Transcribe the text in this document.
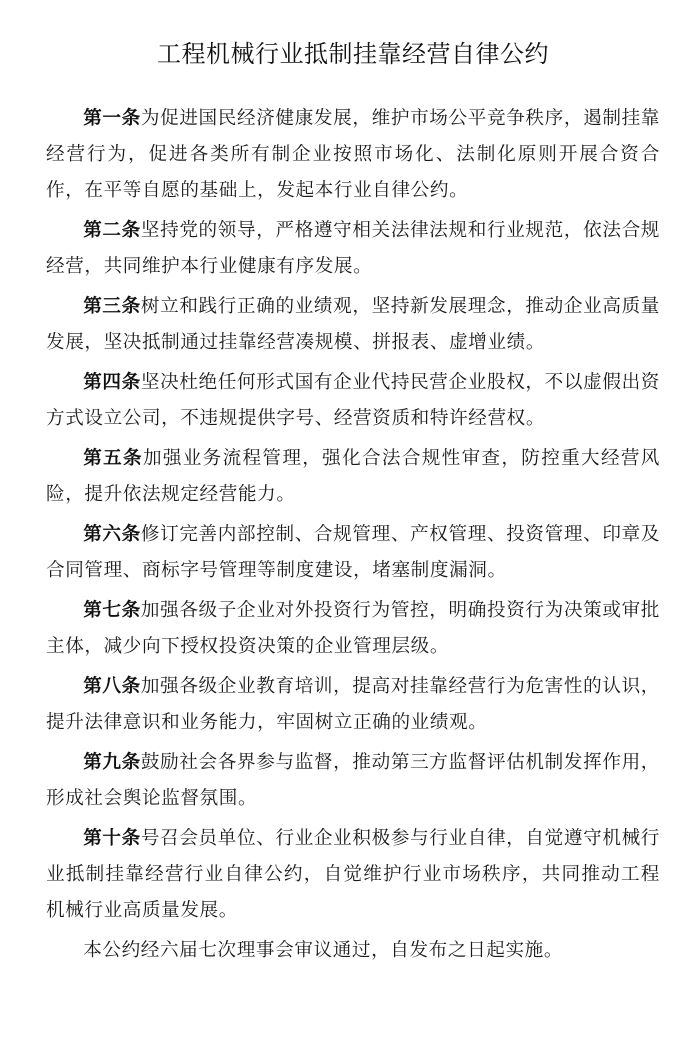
工程机械行业抵制挂靠经营自律公约

第一条为促进国民经济健康发展，维护市场公平竞争秩序，遏制挂靠经营行为，促进各类所有制企业按照市场化、法制化原则开展合资合作，在平等自愿的基础上，发起本行业自律公约。

第二条坚持党的领导，严格遵守相关法律法规和行业规范，依法合规经营，共同维护本行业健康有序发展。

第三条树立和践行正确的业绩观，坚持新发展理念，推动企业高质量发展，坚决抵制通过挂靠经营凑规模、拼报表、虚增业绩。

第四条坚决杜绝任何形式国有企业代持民营企业股权，不以虚假出资方式设立公司，不违规提供字号、经营资质和特许经营权。

第五条加强业务流程管理，强化合法合规性审查，防控重大经营风险，提升依法规定经营能力。

第六条修订完善内部控制、合规管理、产权管理、投资管理、印章及合同管理、商标字号管理等制度建设，堵塞制度漏洞。

第七条加强各级子企业对外投资行为管控，明确投资行为决策或审批主体，减少向下授权投资决策的企业管理层级。

第八条加强各级企业教育培训，提高对挂靠经营行为危害性的认识，提升法律意识和业务能力，牢固树立正确的业绩观。

第九条鼓励社会各界参与监督，推动第三方监督评估机制发挥作用，形成社会舆论监督氛围。

第十条号召会员单位、行业企业积极参与行业自律，自觉遵守机械行业抵制挂靠经营行业自律公约，自觉维护行业市场秩序，共同推动工程机械行业高质量发展。

本公约经六届七次理事会审议通过，自发布之日起实施。
